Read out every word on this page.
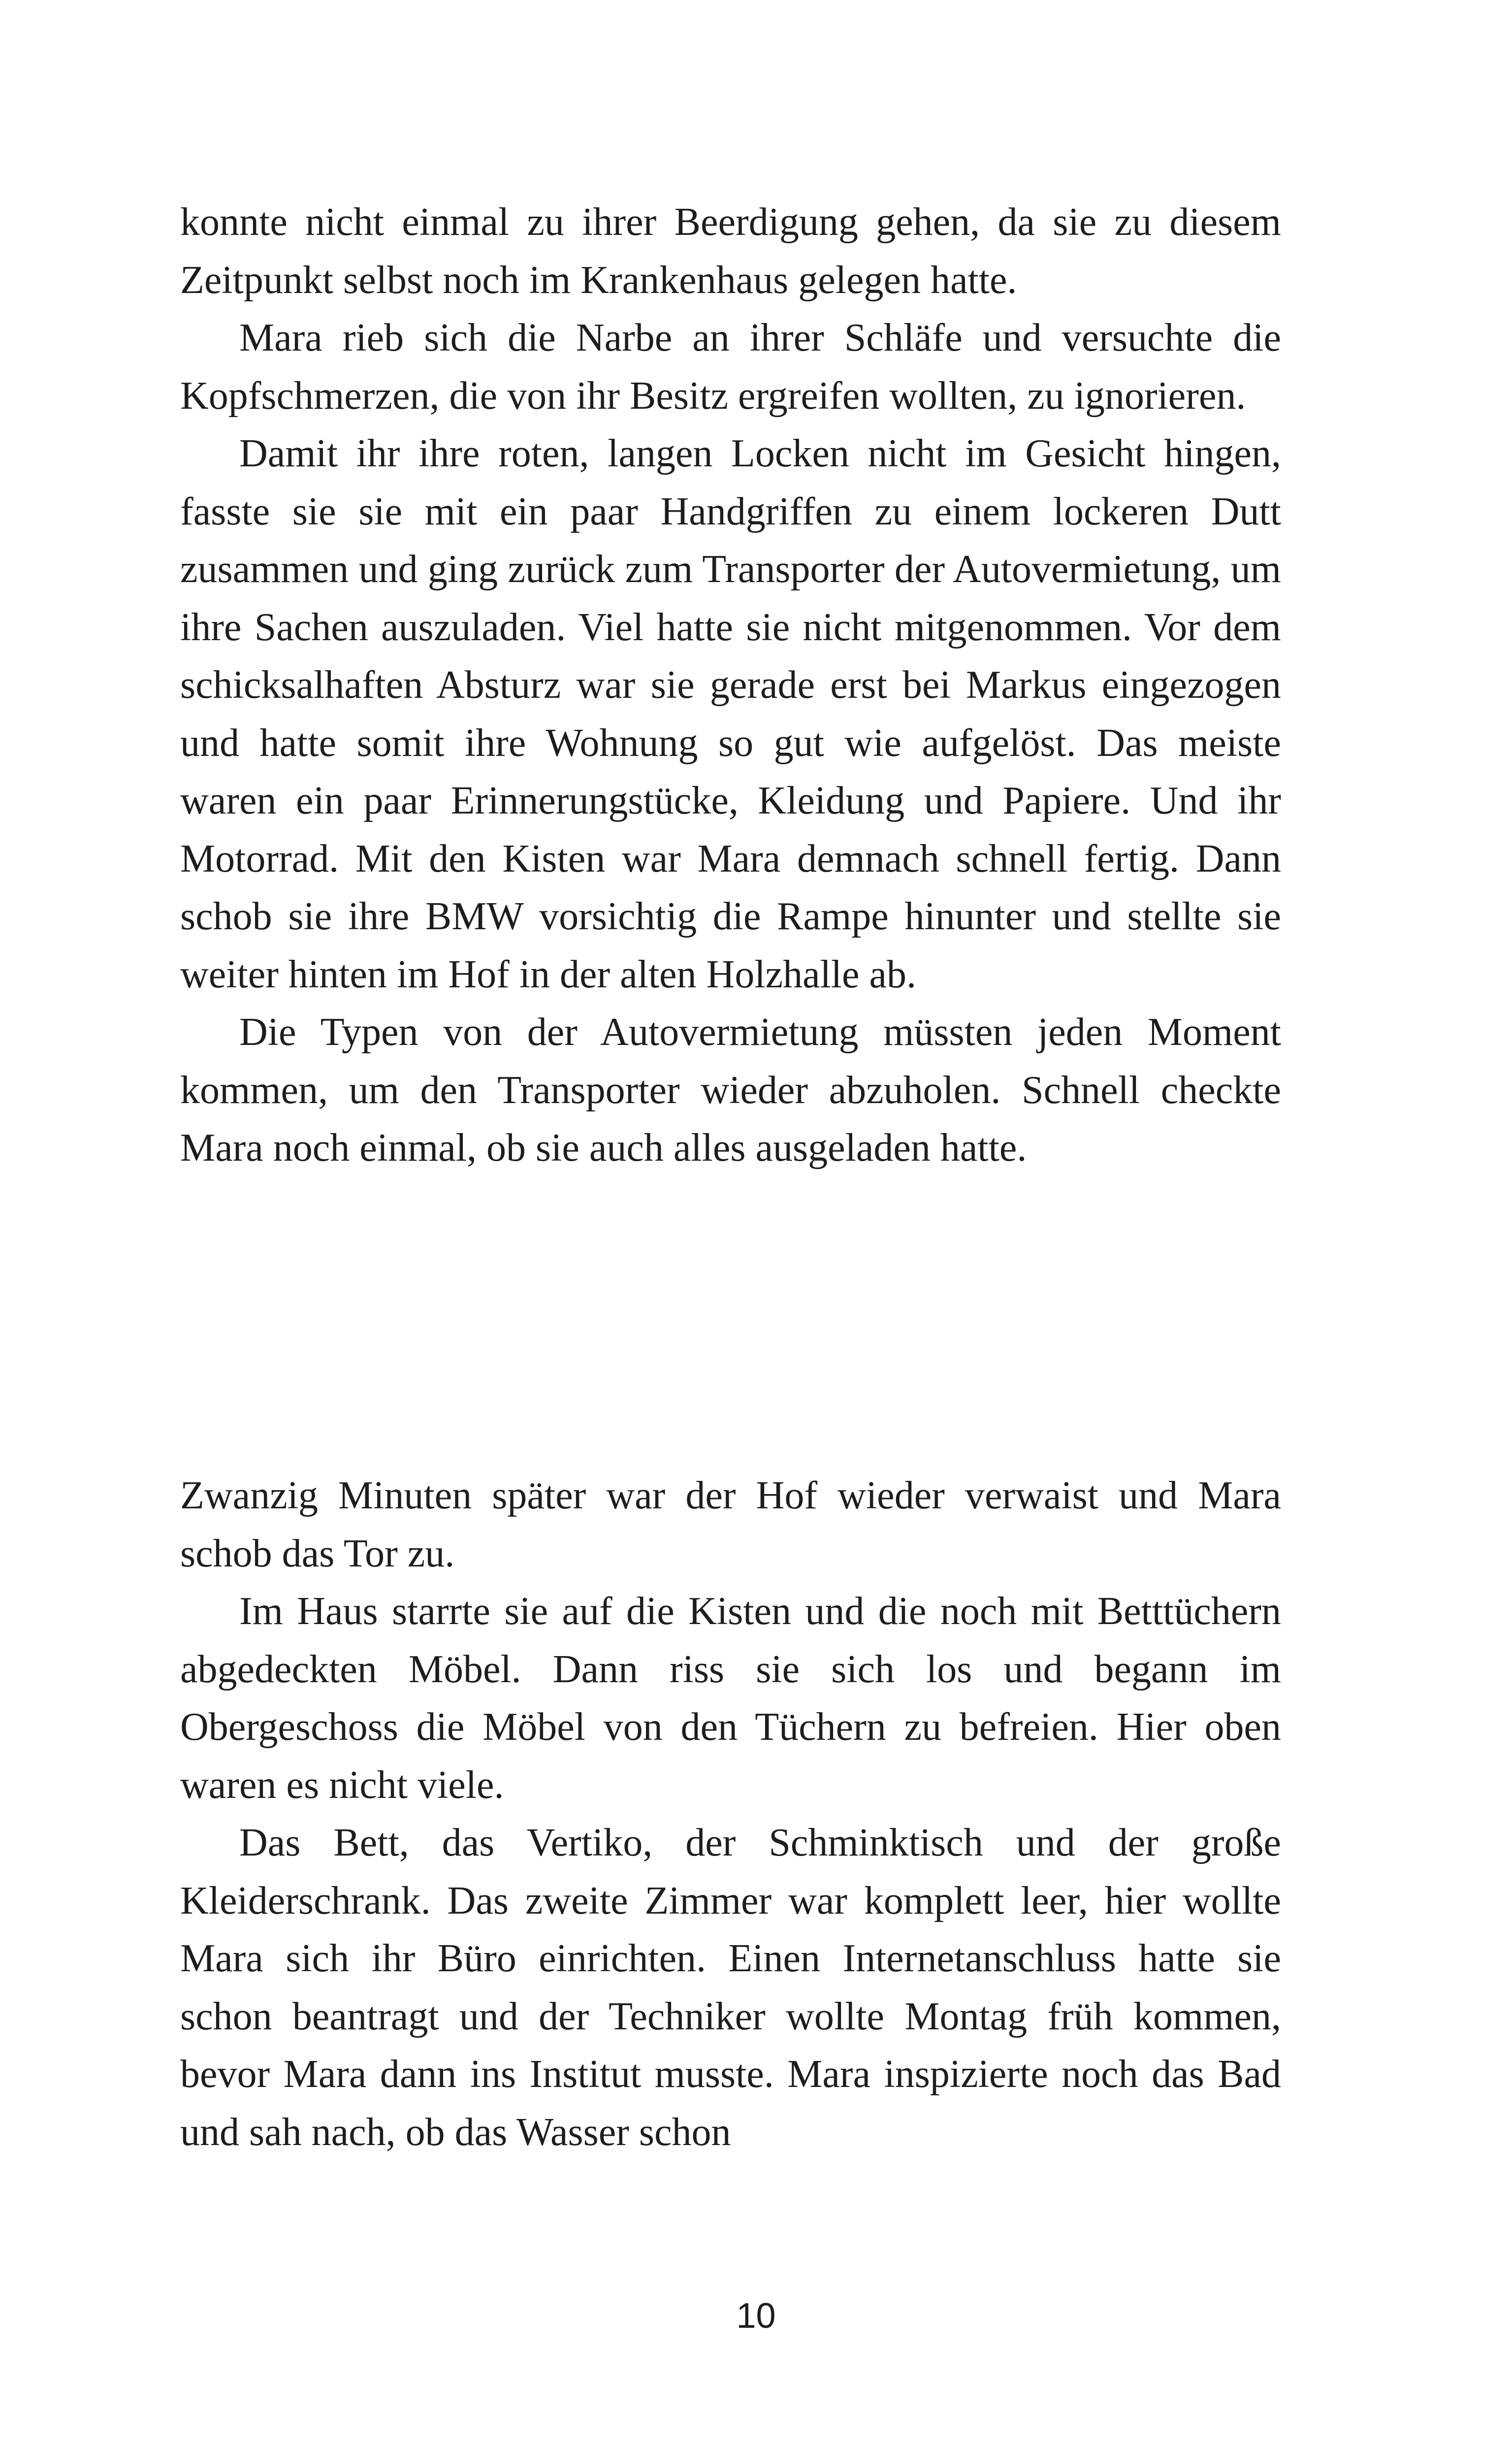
konnte nicht einmal zu ihrer Beerdigung gehen, da sie zu diesem Zeitpunkt selbst noch im Krankenhaus gelegen hatte.

Mara rieb sich die Narbe an ihrer Schläfe und versuchte die Kopfschmerzen, die von ihr Besitz ergreifen wollten, zu ignorieren.

Damit ihr ihre roten, langen Locken nicht im Gesicht hingen, fasste sie sie mit ein paar Handgriffen zu einem lockeren Dutt zusammen und ging zurück zum Transporter der Autovermietung, um ihre Sachen auszuladen. Viel hatte sie nicht mitgenommen. Vor dem schicksalhaften Absturz war sie gerade erst bei Markus eingezogen und hatte somit ihre Wohnung so gut wie aufgelöst. Das meiste waren ein paar Erinnerungstücke, Kleidung und Papiere. Und ihr Motorrad. Mit den Kisten war Mara demnach schnell fertig. Dann schob sie ihre BMW vorsichtig die Rampe hinunter und stellte sie weiter hinten im Hof in der alten Holzhalle ab.

Die Typen von der Autovermietung müssten jeden Moment kommen, um den Transporter wieder abzuholen. Schnell checkte Mara noch einmal, ob sie auch alles ausgeladen hatte.

Zwanzig Minuten später war der Hof wieder verwaist und Mara schob das Tor zu.

Im Haus starrte sie auf die Kisten und die noch mit Betttüchern abgedeckten Möbel. Dann riss sie sich los und begann im Obergeschoss die Möbel von den Tüchern zu befreien. Hier oben waren es nicht viele.

Das Bett, das Vertiko, der Schminktisch und der große Kleiderschrank. Das zweite Zimmer war komplett leer, hier wollte Mara sich ihr Büro einrichten. Einen Internetanschluss hatte sie schon beantragt und der Techniker wollte Montag früh kommen, bevor Mara dann ins Institut musste. Mara inspizierte noch das Bad und sah nach, ob das Wasser schon

10
